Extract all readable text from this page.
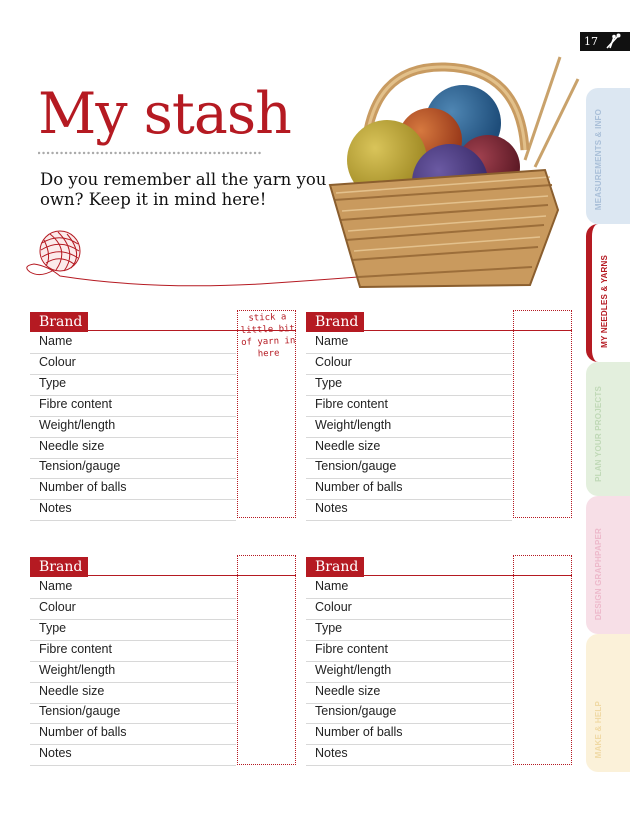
17
My stash
Do you remember all the yarn you own? Keep it in mind here!
Brand
Name
Colour
Type
Fibre content
Weight/length
Needle size
Tension/gauge
Number of balls
Notes
stick a little bit of yarn in here
Brand
Name
Colour
Type
Fibre content
Weight/length
Needle size
Tension/gauge
Number of balls
Notes
Brand
Name
Colour
Type
Fibre content
Weight/length
Needle size
Tension/gauge
Number of balls
Notes
Brand
Name
Colour
Type
Fibre content
Weight/length
Needle size
Tension/gauge
Number of balls
Notes
MEASUREMENTS & INFO
MY NEEDLES & YARNS
PLAN YOUR PROJECTS
DESIGN GRAPHPAPER
MAKE & HELP
